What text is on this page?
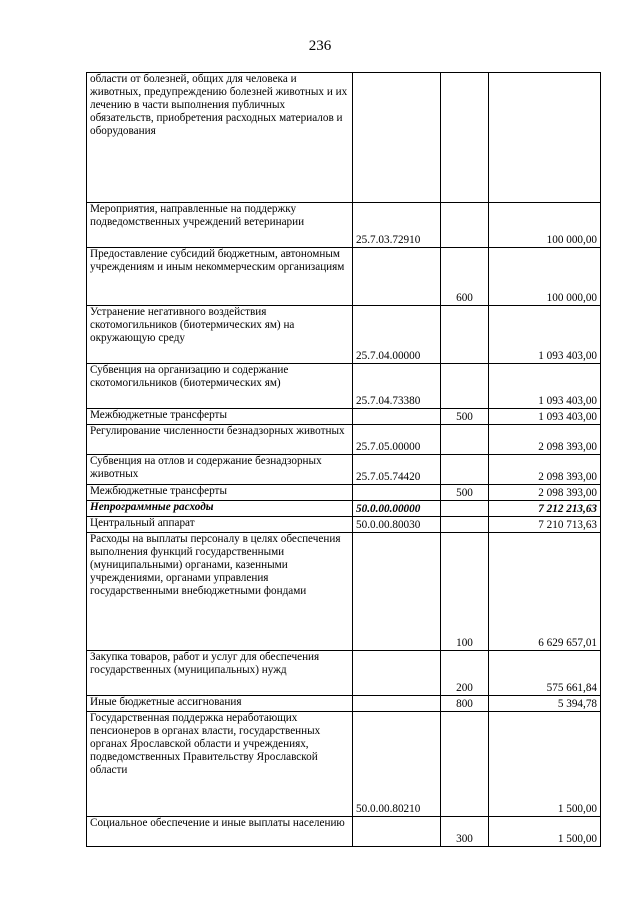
236
области от болезней, общих для человека и животных, предупреждению болезней животных и их лечению в части выполнения публичных обязательств, приобретения расходных материалов и оборудования			
Мероприятия, направленные на поддержку подведомственных учреждений ветеринарии	25.7.03.72910		100 000,00
Предоставление субсидий бюджетным, автономным учреждениям и иным некоммерческим организациям		600	100 000,00
Устранение негативного воздействия скотомогильников (биотермических ям) на окружающую среду	25.7.04.00000		1 093 403,00
Субвенция на организацию и содержание скотомогильников (биотермических ям)	25.7.04.73380		1 093 403,00
Межбюджетные трансферты		500	1 093 403,00
Регулирование численности безнадзорных животных	25.7.05.00000		2 098 393,00
Субвенция на отлов и содержание безнадзорных животных	25.7.05.74420		2 098 393,00
Межбюджетные трансферты		500	2 098 393,00
Непрограммные расходы	50.0.00.00000		7 212 213,63
Центральный аппарат	50.0.00.80030		7 210 713,63
Расходы на выплаты персоналу в целях обеспечения выполнения функций государственными (муниципальными) органами, казенными учреждениями, органами управления государственными внебюджетными фондами		100	6 629 657,01
Закупка товаров, работ и услуг для обеспечения государственных (муниципальных) нужд		200	575 661,84
Иные бюджетные ассигнования		800	5 394,78
Государственная поддержка неработающих пенсионеров в органах власти, государственных органах Ярославской области и учреждениях, подведомственных Правительству Ярославской области	50.0.00.80210		1 500,00
Социальное обеспечение и иные выплаты населению		300	1 500,00
